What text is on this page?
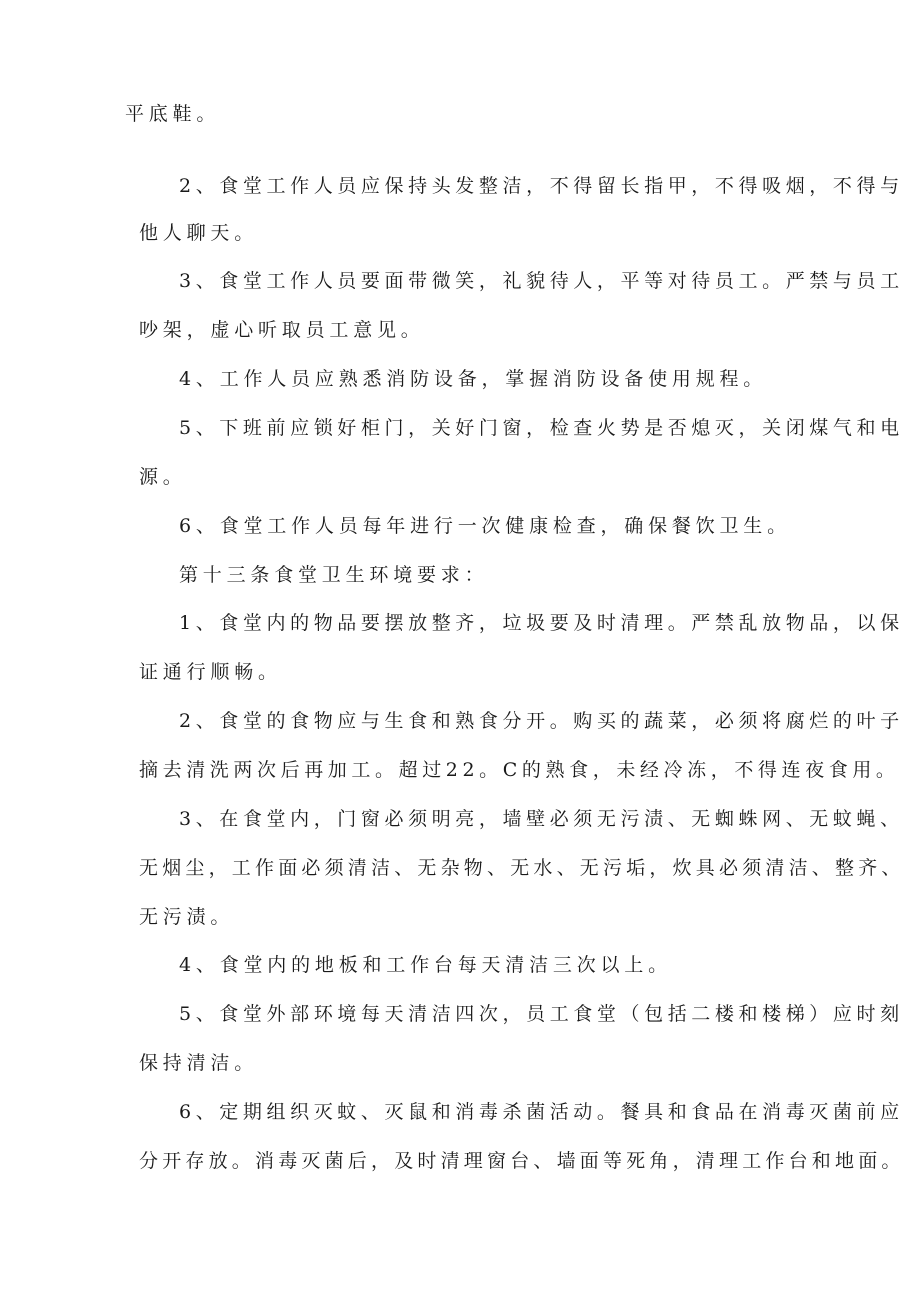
平底鞋。
2、食堂工作人员应保持头发整洁，不得留长指甲，不得吸烟，不得与
他人聊天。
3、食堂工作人员要面带微笑，礼貌待人，平等对待员工。严禁与员工
吵架，虚心听取员工意见。
4、工作人员应熟悉消防设备，掌握消防设备使用规程。
5、下班前应锁好柜门，关好门窗，检查火势是否熄灭，关闭煤气和电
源。
6、食堂工作人员每年进行一次健康检查，确保餐饮卫生。
第十三条食堂卫生环境要求：
1、食堂内的物品要摆放整齐，垃圾要及时清理。严禁乱放物品，以保
证通行顺畅。
2、食堂的食物应与生食和熟食分开。购买的蔬菜，必须将腐烂的叶子
摘去清洗两次后再加工。超过22。C的熟食，未经冷冻，不得连夜食用。
3、在食堂内，门窗必须明亮，墙壁必须无污渍、无蜘蛛网、无蚊蝇、
无烟尘，工作面必须清洁、无杂物、无水、无污垢，炊具必须清洁、整齐、
无污渍。
4、食堂内的地板和工作台每天清洁三次以上。
5、食堂外部环境每天清洁四次，员工食堂（包括二楼和楼梯）应时刻
保持清洁。
6、定期组织灭蚊、灭鼠和消毒杀菌活动。餐具和食品在消毒灭菌前应
分开存放。消毒灭菌后，及时清理窗台、墙面等死角，清理工作台和地面。
